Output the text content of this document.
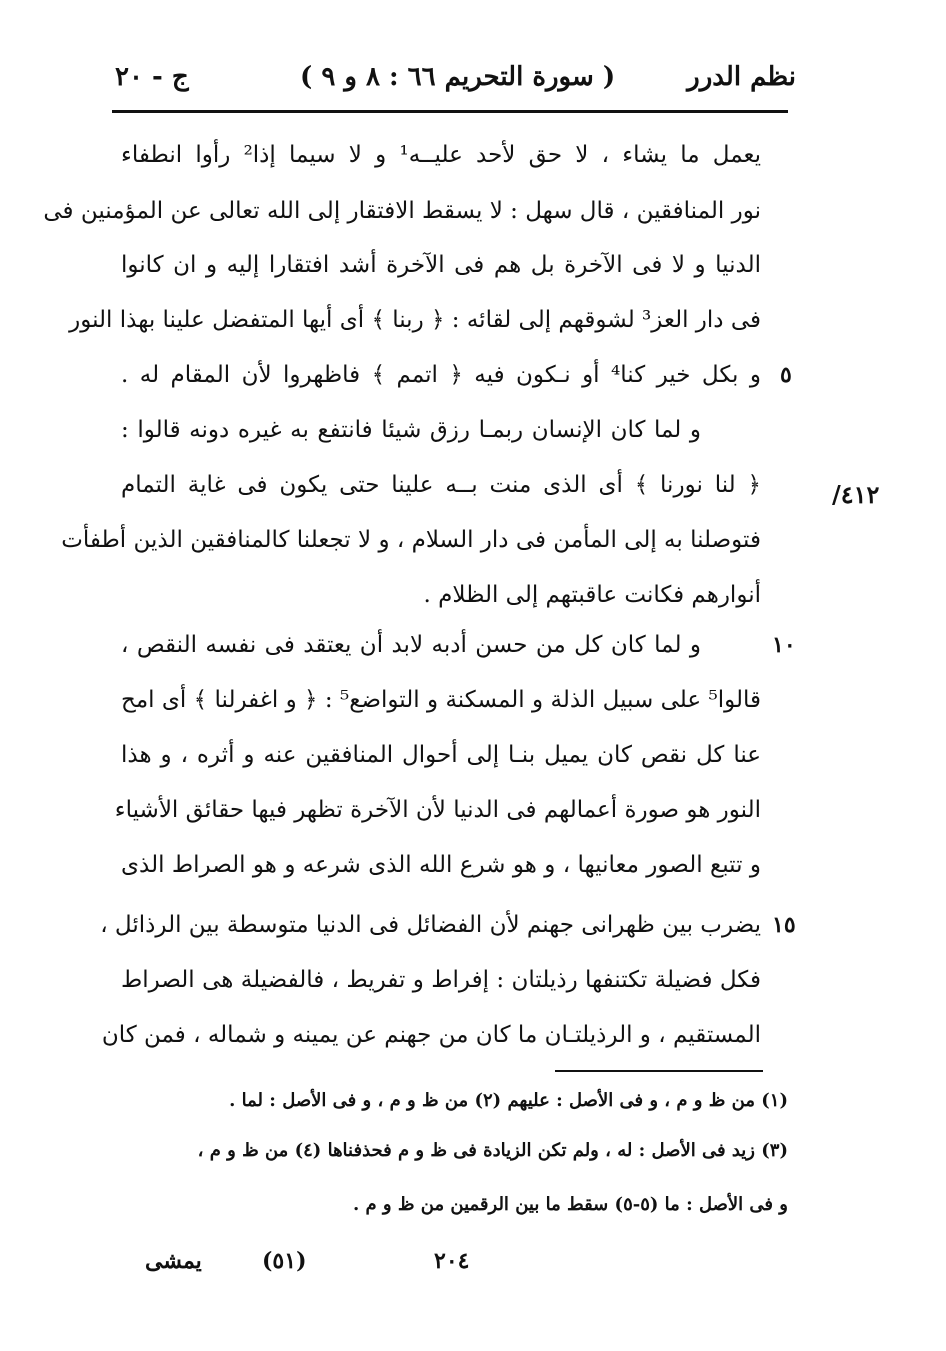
نظم الدرر
( سورة التحريم ٦٦ : ٨ و ٩ )
ج - ٢٠
٤١٢/
يعمل ما يشاء ، لا حق لأحد عليــه¹ و لا سيما إذا² رأوا انطفاء
نور المنافقين ، قال سهل : لا يسقط الافتقار إلى الله تعالى عن المؤمنين فى
الدنيا و لا فى الآخرة بل هم فى الآخرة أشد افتقارا إليه و ان كانوا
فى دار العز³ لشوقهم إلى لقائه : ﴿ ربنا ﴾ أى أيها المتفضل علينا بهذا النور
و بكل خير كنا⁴ أو نـكون فيه ﴿ اتمم ﴾ فاظهروا لأن المقام له .
و لما كان الإنسان ربمـا رزق شيئا فانتفع به غيره دونه قالوا :
﴿ لنا نورنا ﴾ أى الذى منت بــه علينا حتى يكون فى غاية التمام
فتوصلنا به إلى المأمن فى دار السلام ، و لا تجعلنا كالمنافقين الذين أطفأت
أنوارهم فكانت عاقبتهم إلى الظلام .
و لما كان كل من حسن أدبه لابد أن يعتقد فى نفسه النقص ،
قالوا⁵ على سبيل الذلة و المسكنة و التواضع⁵ : ﴿ و اغفرلنا ﴾ أى امح
عنا كل نقص كان يميل بنـا إلى أحوال المنافقين عنه و أثره ، و هذا
النور هو صورة أعمالهم فى الدنيا لأن الآخرة تظهر فيها حقائق الأشياء
و تتبع الصور معانيها ، و هو شرع الله الذى شرعه و هو الصراط الذى
يضرب بين ظهرانى جهنم لأن الفضائل فى الدنيا متوسطة بين الرذائل ،
فكل فضيلة تكتنفها رذيلتان : إفراط و تفريط ، فالفضيلة هى الصراط
المستقيم ، و الرذيلتـان ما كان من جهنم عن يمينه و شماله ، فمن كان
٥
١٠
١٥
(١) من ظ و م ، و فى الأصل : عليهم (٢) من ظ و م ، و فى الأصل : لما .
(٣) زيد فى الأصل : له ، ولم تكن الزيادة فى ظ و م فحذفناها (٤) من ظ و م ،
و فى الأصل : ما (٥-٥) سقط ما بين الرقمين من ظ و م .
٢٠٤
(٥١)
يمشى
